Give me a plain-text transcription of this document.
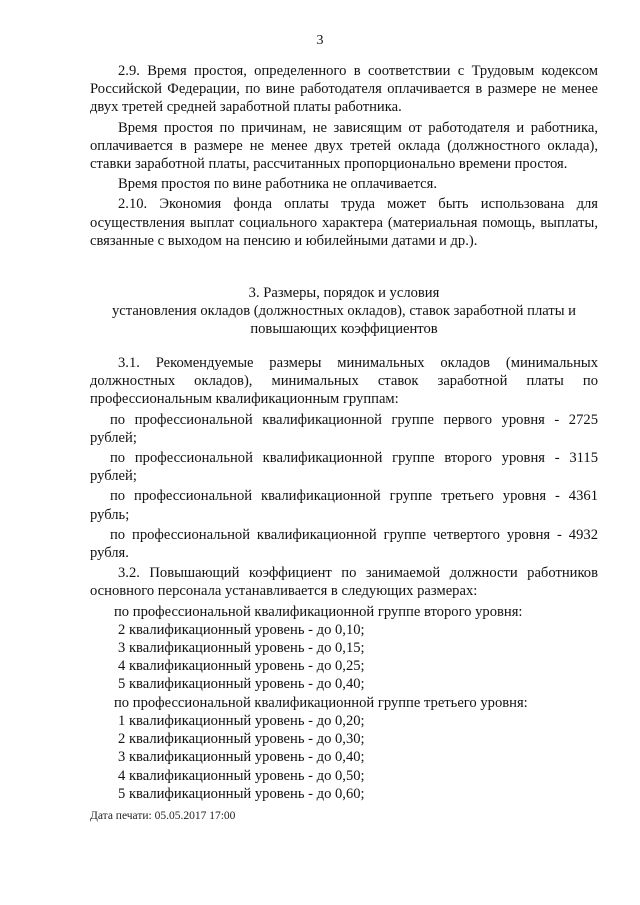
3

2.9. Время простоя, определенного в соответствии с Трудовым кодексом Российской Федерации, по вине работодателя оплачивается в размере не менее двух третей средней заработной платы работника.

Время простоя по причинам, не зависящим от работодателя и работника, оплачивается в размере не менее двух третей оклада (должностного оклада), ставки заработной платы, рассчитанных пропорционально времени простоя.

Время простоя по вине работника не оплачивается.

2.10. Экономия фонда оплаты труда может быть использована для осуществления выплат социального характера (материальная помощь, выплаты, связанные с выходом на пенсию и юбилейными датами и др.).

3. Размеры, порядок и условия
установления окладов (должностных окладов), ставок заработной платы и
повышающих коэффициентов

3.1. Рекомендуемые размеры минимальных окладов (минимальных должностных окладов), минимальных ставок заработной платы по профессиональным квалификационным группам:

по профессиональной квалификационной группе первого уровня - 2725 рублей;

по профессиональной квалификационной группе второго уровня - 3115 рублей;

по профессиональной квалификационной группе третьего уровня - 4361 рубль;

по профессиональной квалификационной группе четвертого уровня - 4932 рубля.

3.2. Повышающий коэффициент по занимаемой должности работников основного персонала устанавливается в следующих размерах:

по профессиональной квалификационной группе второго уровня:

2 квалификационный уровень - до 0,10;

3 квалификационный уровень - до 0,15;

4 квалификационный уровень - до 0,25;

5 квалификационный уровень - до 0,40;

по профессиональной квалификационной группе третьего уровня:

1 квалификационный уровень - до 0,20;

2 квалификационный уровень - до 0,30;

3 квалификационный уровень - до 0,40;

4 квалификационный уровень - до 0,50;

5 квалификационный уровень - до 0,60;

Дата печати: 05.05.2017 17:00
